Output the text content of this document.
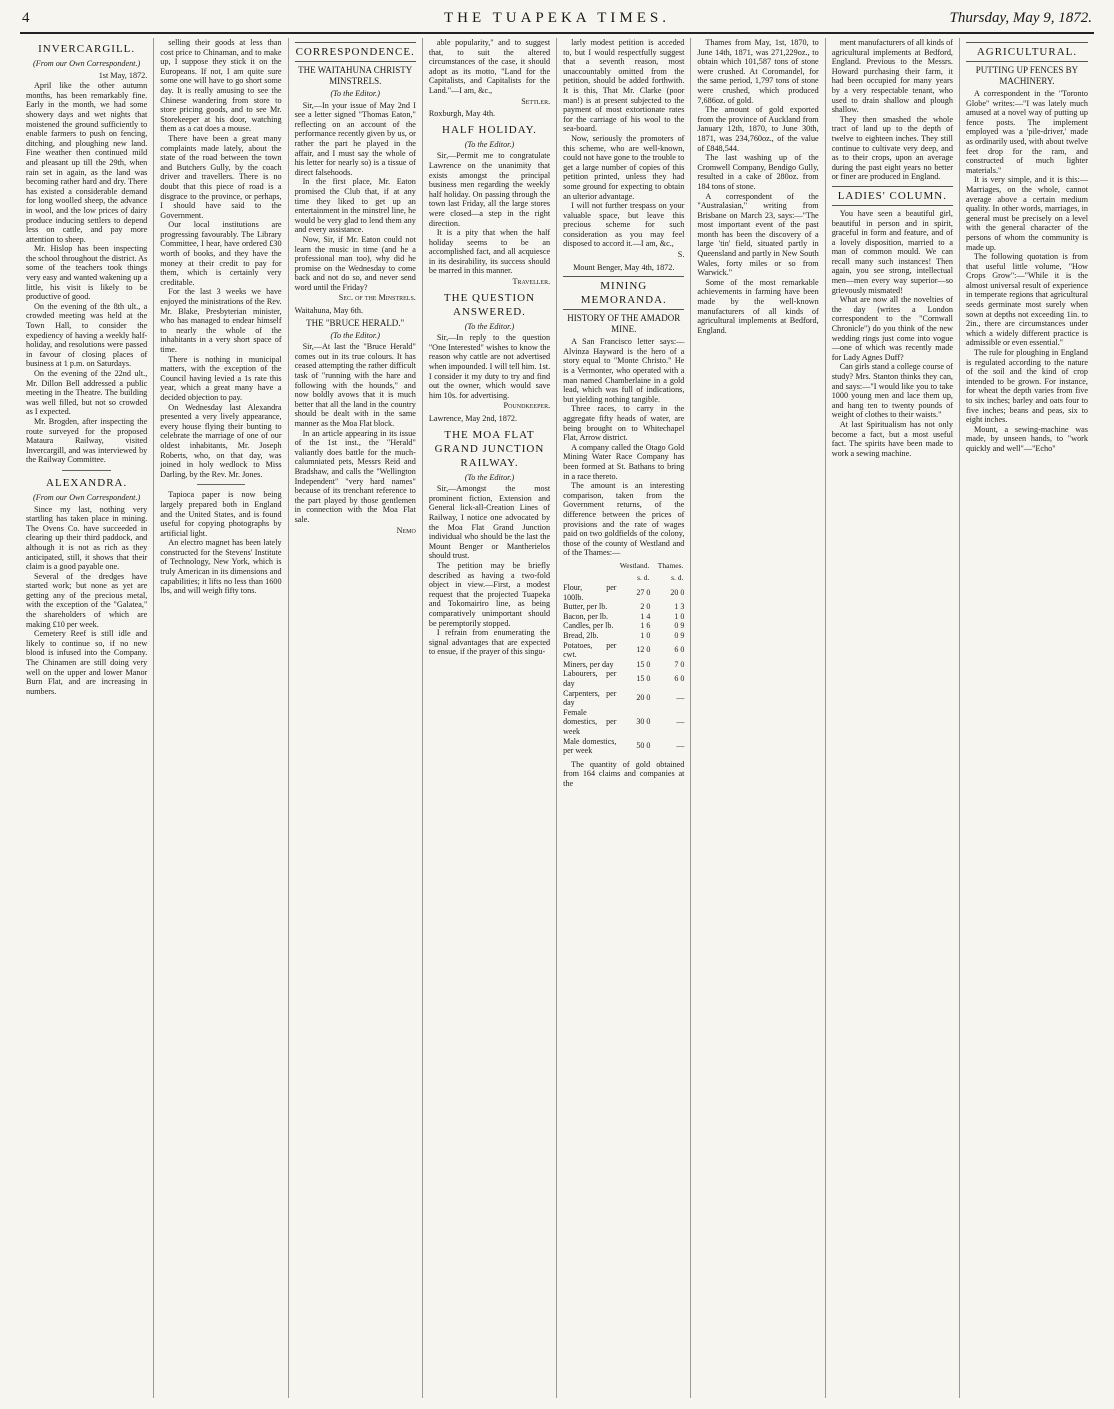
4	THE TUAPEKA TIMES.	Thursday, May 9, 1872.
INVERCARGILL.
(From our Own Correspondent.)
1st May, 1872.

April like the other autumn months, has been remarkably fine. Early in the month, we had some showery days and wet nights that moistened the ground sufficiently to enable farmers to push on fencing, ditching, and ploughing new land. Fine weather then continued mild and pleasant up till the 29th, when rain set in again, as the land was becoming rather hard and dry. There has existed a considerable demand for long woolled sheep, the advance in wool, and the low prices of dairy produce inducing settlers to depend less on cattle, and pay more attention to sheep.

Mr. Hislop has been inspecting the school throughout the district. As some of the teachers took things very easy and wanted wakening up a little, his visit is likely to be productive of good.

On the evening of the 8th ult., a crowded meeting was held at the Town Hall, to consider the expediency of having a weekly half-holiday, and resolutions were passed in favour of closing places of business at 1 p.m. on Saturdays.

On the evening of the 22nd ult., Mr. Dillon Bell addressed a public meeting in the Theatre. The building was well filled, but not so crowded as I expected.

Mr. Brogden, after inspecting the route surveyed for the proposed Mataura Railway, visited Invercargill, and was interviewed by the Railway Committee.

ALEXANDRA.
(From our Own Correspondent.)

Since my last, nothing very startling has taken place in mining. The Ovens Co. have succeeded in clearing up their third paddock, and although it is not as rich as they anticipated, still, it shows that their claim is a good payable one.

Several of the dredges have started work; but none as yet are getting any of the precious metal, with the exception of the "Galatea," the shareholders of which are making £10 per week.

Cemetery Reef is still idle and likely to continue so, if no new blood is infused into the Company. The Chinamen are still doing very well on the upper and lower Manor Burn Flat, and are increasing in numbers.

selling their goods at less than cost price to Chinaman, and to make up, I suppose they stick it on the Europeans. If not, I am quite sure some one will have to go short some day. It is really amusing to see the Chinese wandering from store to store pricing goods, and to see Mr. Storekeeper at his door, watching them as a cat does a mouse.

There have been a great many complaints made lately, about the state of the road between the town and Butchers Gully, by the coach driver and travellers. There is no doubt that this piece of road is a disgrace to the province, or perhaps, I should have said to the Government.

Our local institutions are progressing favourably. The Library Committee, I hear, have ordered £30 worth of books, and they have the money at their credit to pay for them, which is certainly very creditable.

For the last 3 weeks we have enjoyed the ministrations of the Rev. Mr. Blake, Presbyterian minister, who has managed to endear himself to nearly the whole of the inhabitants in a very short space of time.

There is nothing in municipal matters, with the exception of the Council having levied a 1s rate this year, which a great many have a decided objection to pay.

On Wednesday last Alexandra presented a very lively appearance, every house flying their bunting to celebrate the marriage of one of our oldest inhabitants, Mr. Joseph Roberts, who, on that day, was joined in holy wedlock to Miss Darling, by the Rev. Mr. Jones.

Tapioca paper is now being largely prepared both in England and the United States, and is found useful for copying photographs by artificial light.

An electro magnet has been lately constructed for the Stevens' Institute of Technology, New York, which is truly American in its dimensions and capabilities; it lifts no less than 1600 lbs, and will weigh fifty tons.

CORRESPONDENCE.
THE WAITAHUNA CHRISTY MINSTRELS.
(To the Editor.)

Sir,—In your issue of May 2nd I see a letter signed "Thomas Eaton," reflecting on an account of the performance recently given by us, or rather the part he played in the affair, and I must say the whole of his letter for nearly so) is a tissue of direct falsehoods.

In the first place, Mr. Eaton promised the Club that, if at any time they liked to get up an entertainment in the minstrel line, he would be very glad to lend them any and every assistance.

Now, Sir, if Mr. Eaton could not learn the music in time (and he a professional man too), why did he promise on the Wednesday to come back and not do so, and never send word until the Friday?

Sec. of the Minstrels.
Waitahuna, May 6th.
THE "BRUCE HERALD."
(To the Editor.)

Sir,—At last the "Bruce Herald" comes out in its true colours. It has ceased attempting the rather difficult task of "running with the hare and following with the hounds," and now boldly avows that it is much better that all the land in the country should be dealt with in the same manner as the Moa Flat block.

In an article appearing in its issue of the 1st inst., the "Herald" valiantly does battle for the much-calumniated pets, Messrs Reid and Bradshaw, and calls the "Wellington Independent" "very hard names" because of its trenchant reference to the part played by those gentlemen in connection with the Moa Flat sale.

Nemo

able popularity," and to suggest that, to suit the altered circumstances of the case, it should adopt as its motto, "Land for the Capitalists, and Capitalists for the Land."—I am, &c.,

Settler.
Roxburgh, May 4th.
HALF HOLIDAY.
(To the Editor.)

Sir,—Permit me to congratulate Lawrence on the unanimity that exists amongst the principal business men regarding the weekly half holiday. On passing through the town last Friday, all the large stores were closed—a step in the right direction.

It is a pity that when the half holiday seems to be an accomplished fact, and all acquiesce in its desirability, its success should be marred in this manner.

Traveller.
THE QUESTION ANSWERED.
(To the Editor.)

Sir,—In reply to the question "One Interested" wishes to know the reason why cattle are not advertised when impounded. I will tell him. 1st. I consider it my duty to try and find out the owner, which would save him 10s. for advertising.

Poundkeeper.
Lawrence, May 2nd, 1872.
THE MOA FLAT GRAND JUNCTION RAILWAY.
(To the Editor.)

Sir,—Amongst the most prominent fiction, Extension and General lick-all-Creation Lines of Railway, I notice one advocated by the Moa Flat Grand Junction individual who should be the last the Mount Benger or Mantherielos should trust.

The petition may be briefly described as having a two-fold object in view.—First, a modest request that the projected Tuapeka and Tokomairiro line, as being comparatively unimportant should be peremptorily stopped.

I refrain from enumerating the signal advantages that are expected to ensue, if the prayer of this singu-

larly modest petition is acceded to, but I would respectfully suggest that a seventh reason, most unaccountably omitted from the petition, should be added forthwith. It is this, That Mr. Clarke (poor man!) is at present subjected to the payment of most extortionate rates for the carriage of his wool to the sea-board.

Now, seriously the promoters of this scheme, who are well-known, could not have gone to the trouble to get a large number of copies of this petition printed, unless they had some ground for expecting to obtain an ulterior advantage.

I will not further trespass on your valuable space, but leave this precious scheme for such consideration as you may feel disposed to accord it.—I am, &c.,

S.
Mount Benger, May 4th, 1872.
MINING MEMORANDA.
HISTORY OF THE AMADOR MINE.

A San Francisco letter says:—Alvinza Hayward is the hero of a story equal to "Monte Christo." He is a Vermonter, who operated with a man named Chamberlaine in a gold lead, which was full of indications, but yielding nothing tangible.

Three races, to carry in the aggregate fifty heads of water, are being brought on to Whitechapel Flat, Arrow district.

A company called the Otago Gold Mining Water Race Company has been formed at St. Bathans to bring in a race thereto.

The amount is an interesting comparison, taken from the Government returns, of the difference between the prices of provisions and the rate of wages paid on two goldfields of the colony, those of the county of Westland and of the Thames:—

	Westland.	Thames.
	s. d.	s. d.
Flour, per 100lb.	27 0	20 0
Butter, per lb.	2 0	1 3
Bacon, per lb.	1 4	1 0
Candles, per lb.	1 6	0 9
Bread, 2lb.	1 0	0 9
Potatoes, per cwt.	12 0	6 0
Miners, per day	15 0	7 0
Labourers, per day	15 0	6 0
Carpenters, per day	20 0	—
Female domestics, per week	30 0	—
Male domestics, per week	50 0	—

The quantity of gold obtained from 164 claims and companies at the

Thames from May, 1st, 1870, to June 14th, 1871, was 271,229oz., to obtain which 101,587 tons of stone were crushed. At Coromandel, for the same period, 1,797 tons of stone were crushed, which produced 7,686oz. of gold.

The amount of gold exported from the province of Auckland from January 12th, 1870, to June 30th, 1871, was 234,760oz., of the value of £848,544.

The last washing up of the Cromwell Company, Bendigo Gully, resulted in a cake of 280oz. from 184 tons of stone.

A correspondent of the "Australasian," writing from Brisbane on March 23, says:—"The most important event of the past month has been the discovery of a large 'tin' field, situated partly in Queensland and partly in New South Wales, forty miles or so from Warwick."

Some of the most remarkable achievements in farming have been made by the well-known manufacturers of all kinds of agricultural implements at Bedford, England.

ment manufacturers of all kinds of agricultural implements at Bedford, England. Previous to the Messrs. Howard purchasing their farm, it had been occupied for many years by a very respectable tenant, who used to drain shallow and plough shallow.

They then smashed the whole tract of land up to the depth of twelve to eighteen inches. They still continue to cultivate very deep, and as to their crops, upon an average during the past eight years no better or finer are produced in England.

LADIES' COLUMN.

You have seen a beautiful girl, beautiful in person and in spirit, graceful in form and feature, and of a lovely disposition, married to a man of common mould. We can recall many such instances! Then again, you see strong, intellectual men—men every way superior—so grievously mismated!

What are now all the novelties of the day (writes a London correspondent to the "Cornwall Chronicle") do you think of the new wedding rings just come into vogue—one of which was recently made for Lady Agnes Duff?

Can girls stand a college course of study? Mrs. Stanton thinks they can, and says:—"I would like you to take 1000 young men and lace them up, and hang ten to twenty pounds of weight of clothes to their waists."

At last Spiritualism has not only become a fact, but a most useful fact. The spirits have been made to work a sewing machine.

AGRICULTURAL.
PUTTING UP FENCES BY MACHINERY.

A correspondent in the "Toronto Globe" writes:—"I was lately much amused at a novel way of putting up fence posts. The implement employed was a 'pile-driver,' made as ordinarily used, with about twelve feet drop for the ram, and constructed of much lighter materials."

It is very simple, and it is this:—Marriages, on the whole, cannot average above a certain medium quality. In other words, marriages, in general must be precisely on a level with the general character of the persons of whom the community is made up.

The following quotation is from that useful little volume, "How Crops Grow":—"While it is the almost universal result of experience in temperate regions that agricultural seeds germinate most surely when sown at depths not exceeding 1in. to 2in., there are circumstances under which a widely different practice is admissible or even essential."

The rule for ploughing in England is regulated according to the nature of the soil and the kind of crop intended to be grown. For instance, for wheat the depth varies from five to six inches; barley and oats four to five inches; beans and peas, six to eight inches.

Mount, a sewing-machine was made, by unseen hands, to "work quickly and well"—"Echo"
